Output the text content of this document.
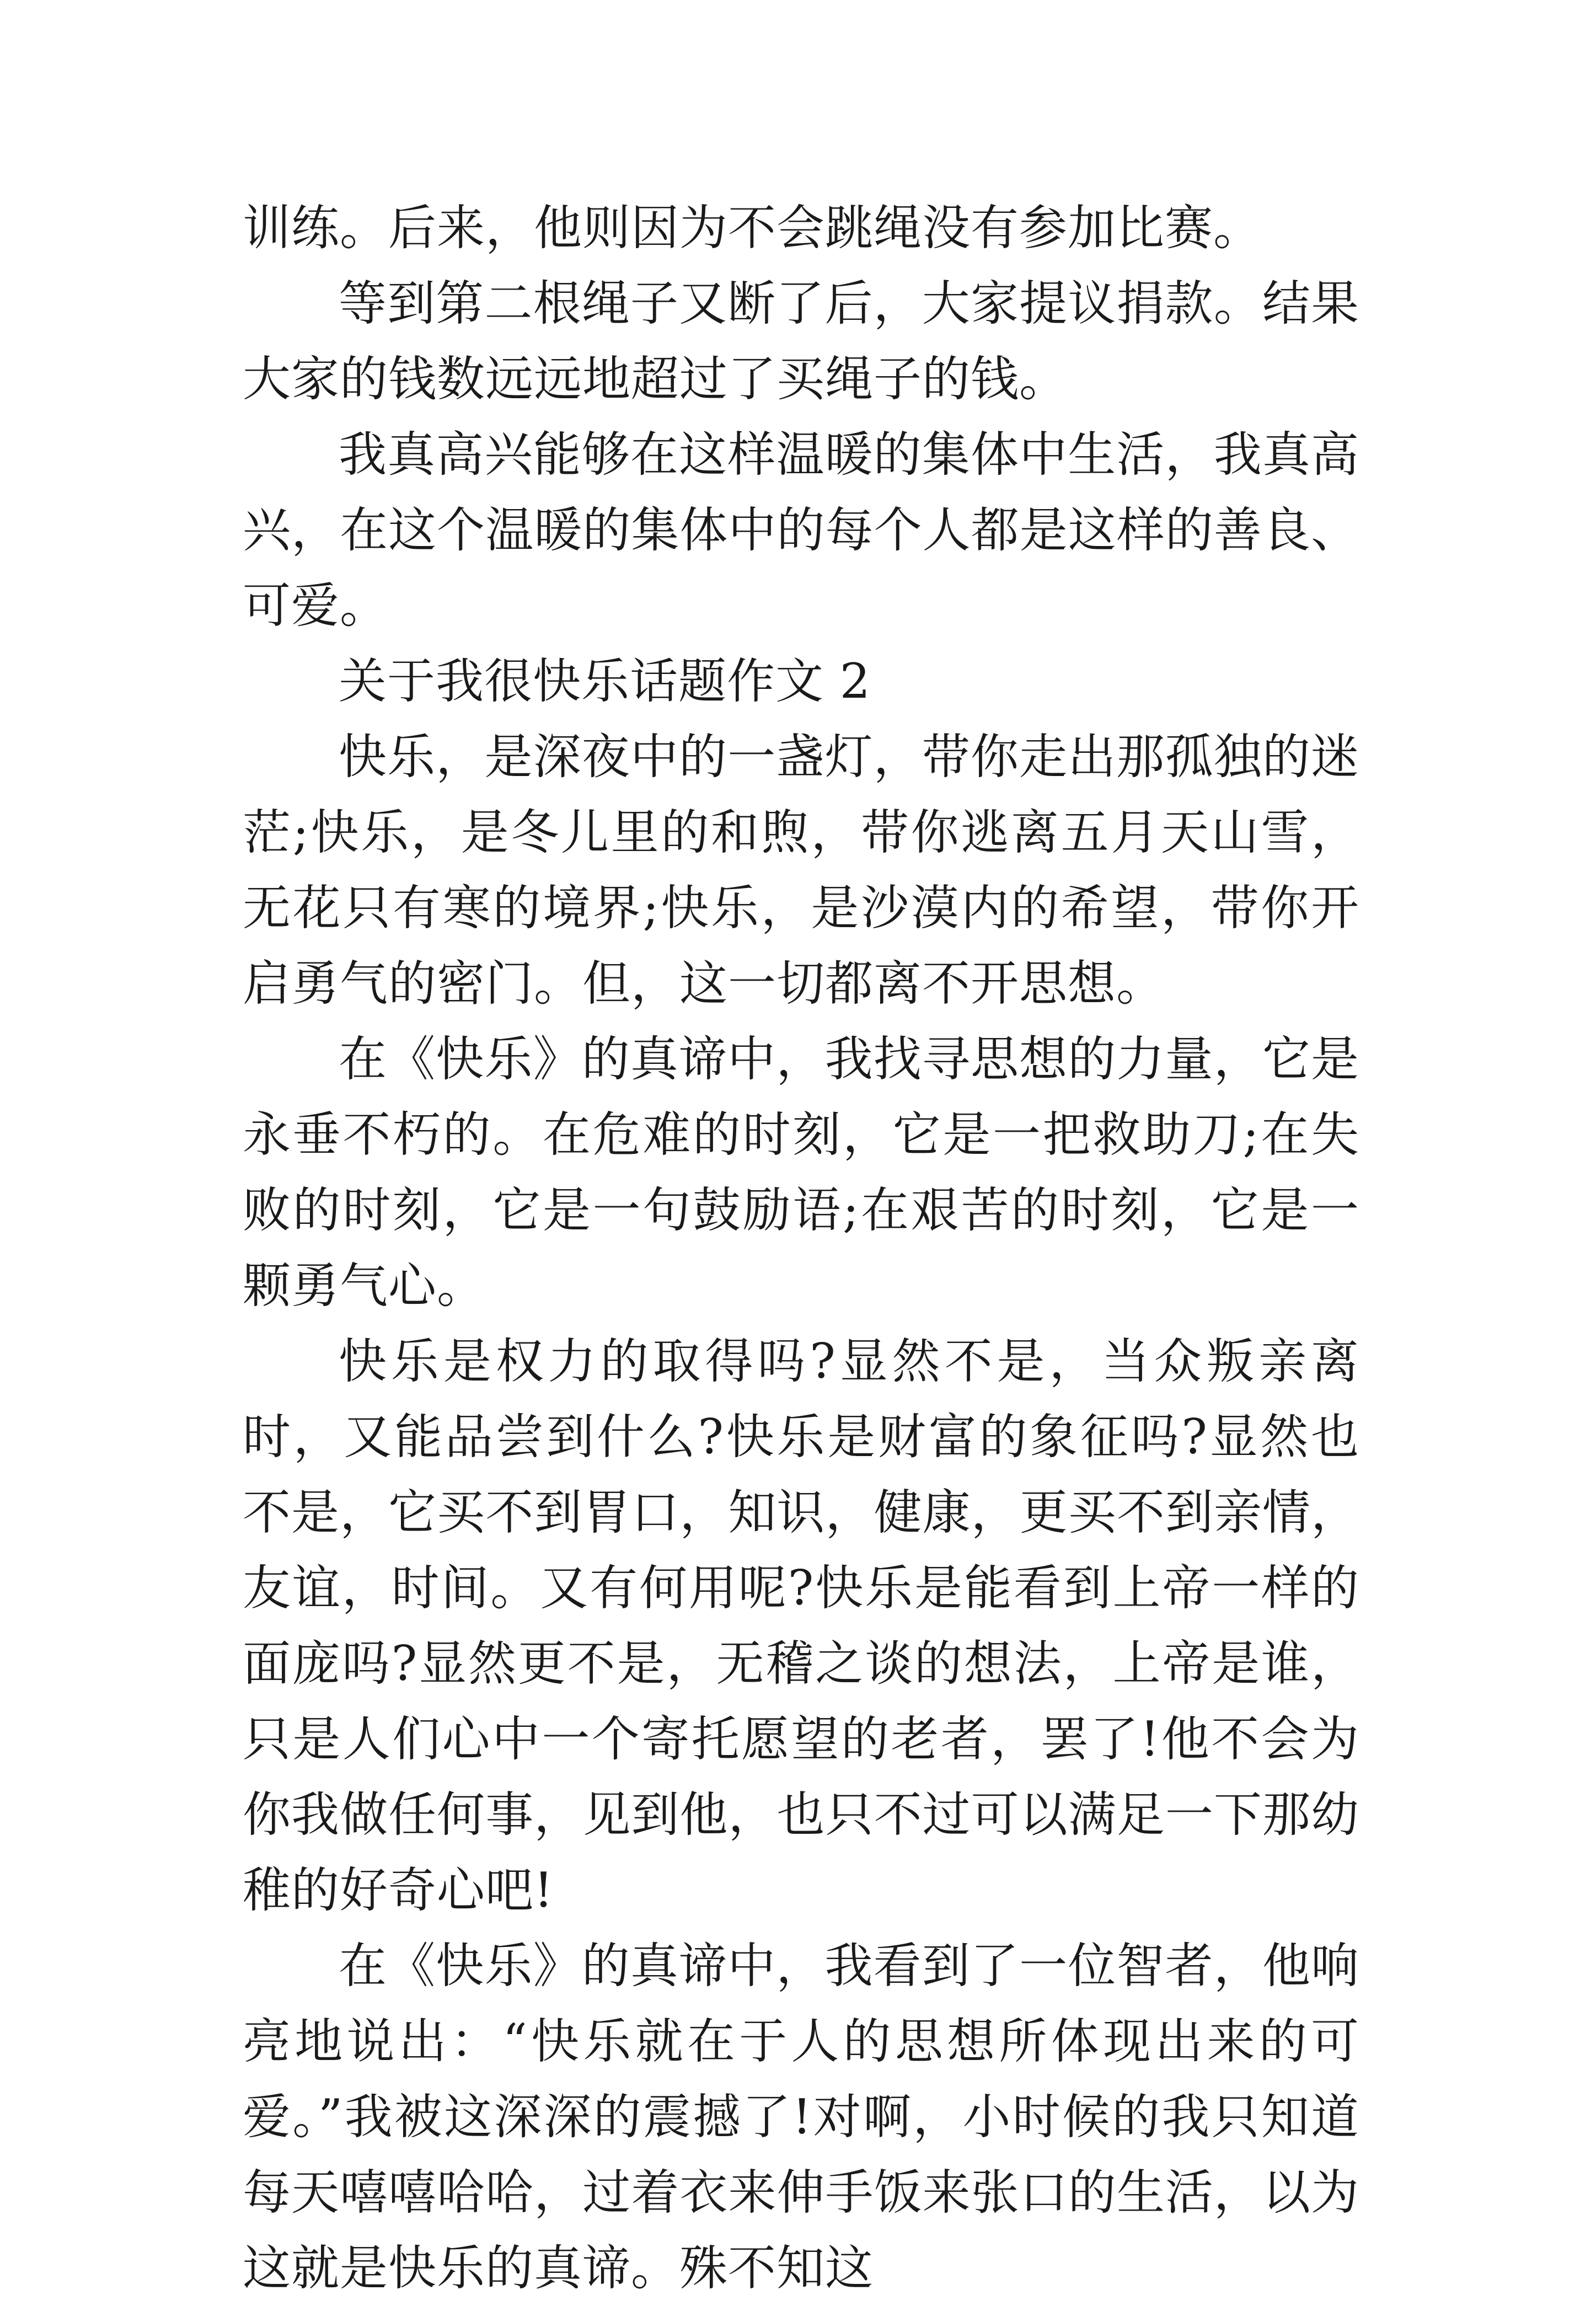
训练。后来，他则因为不会跳绳没有参加比赛。

等到第二根绳子又断了后，大家提议捐款。结果大家的钱数远远地超过了买绳子的钱。

我真高兴能够在这样温暖的集体中生活，我真高兴，在这个温暖的集体中的每个人都是这样的善良、可爱。

关于我很快乐话题作文 2

快乐，是深夜中的一盏灯，带你走出那孤独的迷茫;快乐，是冬儿里的和煦，带你逃离五月天山雪，无花只有寒的境界;快乐，是沙漠内的希望，带你开启勇气的密门。但，这一切都离不开思想。

在《快乐》的真谛中，我找寻思想的力量，它是永垂不朽的。在危难的时刻，它是一把救助刀;在失败的时刻，它是一句鼓励语;在艰苦的时刻，它是一颗勇气心。

快乐是权力的取得吗?显然不是，当众叛亲离时，又能品尝到什么?快乐是财富的象征吗?显然也不是，它买不到胃口，知识，健康，更买不到亲情，友谊，时间。又有何用呢?快乐是能看到上帝一样的面庞吗?显然更不是，无稽之谈的想法，上帝是谁，只是人们心中一个寄托愿望的老者，罢了!他不会为你我做任何事，见到他，也只不过可以满足一下那幼稚的好奇心吧!

在《快乐》的真谛中，我看到了一位智者，他响亮地说出：“快乐就在于人的思想所体现出来的可爱。”我被这深深的震撼了!对啊，小时候的我只知道每天嘻嘻哈哈，过着衣来伸手饭来张口的生活，以为这就是快乐的真谛。殊不知这
